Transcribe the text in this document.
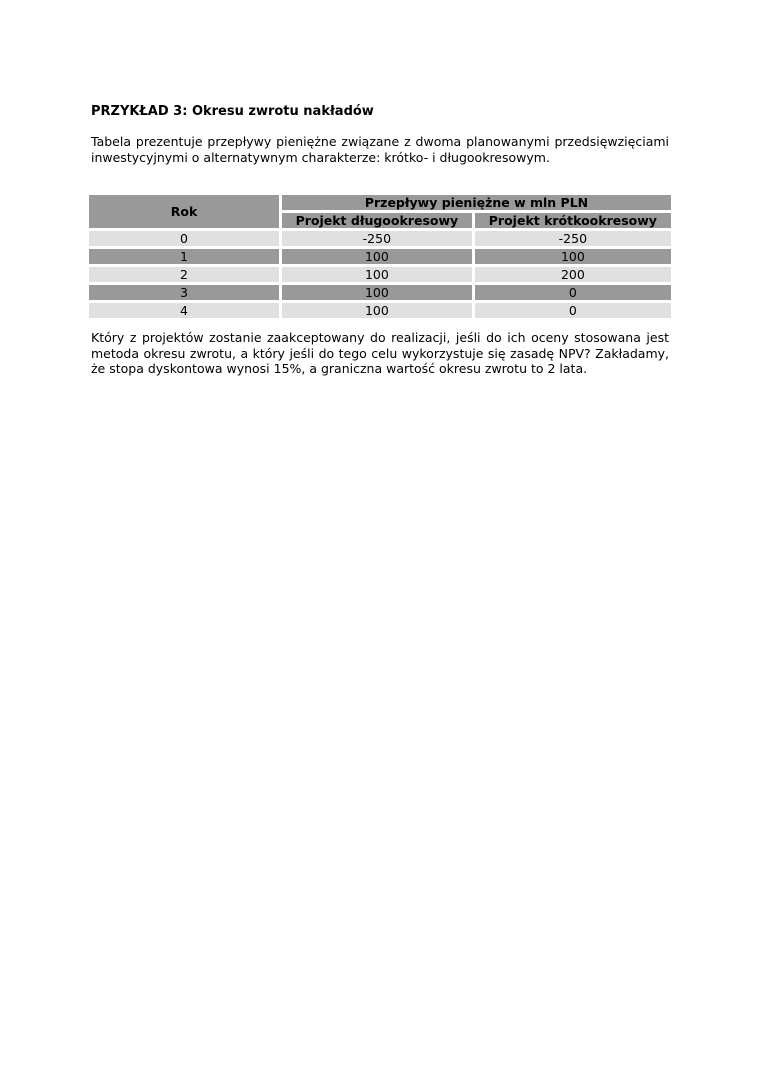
PRZYKŁAD 3: Okresu zwrotu nakładów

Tabela prezentuje przepływy pieniężne związane z dwoma planowanymi przedsięwzięciami inwestycyjnymi o alternatywnym charakterze: krótko- i długookresowym.

Rok	Przepływy pieniężne w mln PLN	
	Projekt długookresowy	Projekt krótkookresowy
0	-250	-250
1	100	100
2	100	200
3	100	0
4	100	0

Który z projektów zostanie zaakceptowany do realizacji, jeśli do ich oceny stosowana jest metoda okresu zwrotu, a który jeśli do tego celu wykorzystuje się zasadę NPV? Zakładamy, że stopa dyskontowa wynosi 15%, a graniczna wartość okresu zwrotu to 2 lata.
